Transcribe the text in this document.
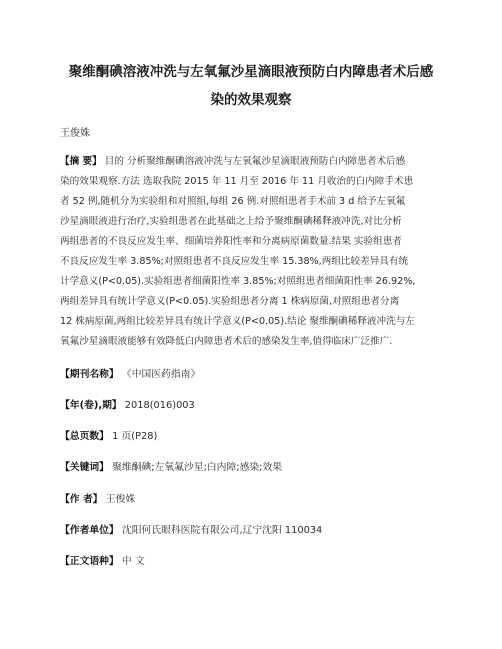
聚维酮碘溶液冲洗与左氧氟沙星滴眼液预防白内障患者术后感
染的效果观察
王俊姝
【摘 要】 目的 分析聚维酮碘溶液冲洗与左氧氟沙星滴眼液预防白内障患者术后感
染的效果观察.方法 选取我院 2015 年 11 月至 2016 年 11 月收治的白内障手术患
者 52 例,随机分为实验组和对照组,每组 26 例.对照组患者手术前 3 d 给予左氧氟
沙星滴眼液进行治疗,实验组患者在此基础之上给予聚维酮碘稀释液冲洗,对比分析
两组患者的不良反应发生率、细菌培养阳性率和分离病原菌数量.结果 实验组患者
不良反应发生率 3.85%;对照组患者不良反应发生率 15.38%,两组比较差异具有统
计学意义(P<0.05).实验组患者细菌阳性率 3.85%;对照组患者细菌阳性率 26.92%,
两组差异具有统计学意义(P<0.05).实验组患者分离 1 株病原菌,对照组患者分离
12 株病原菌,两组比较差异具有统计学意义(P<0.05).结论 聚维酮碘稀释液冲洗与左
氧氟沙星滴眼液能够有效降低白内障患者术后的感染发生率,值得临床广泛推广.
【期刊名称】 《中国医药指南》
【年(卷),期】 2018(016)003
【总页数】 1 页(P28)
【关键词】 聚维酮碘;左氧氟沙星;白内障;感染;效果
【作 者】 王俊姝
【作者单位】 沈阳何氏眼科医院有限公司,辽宁沈阳 110034
【正文语种】 中 文
